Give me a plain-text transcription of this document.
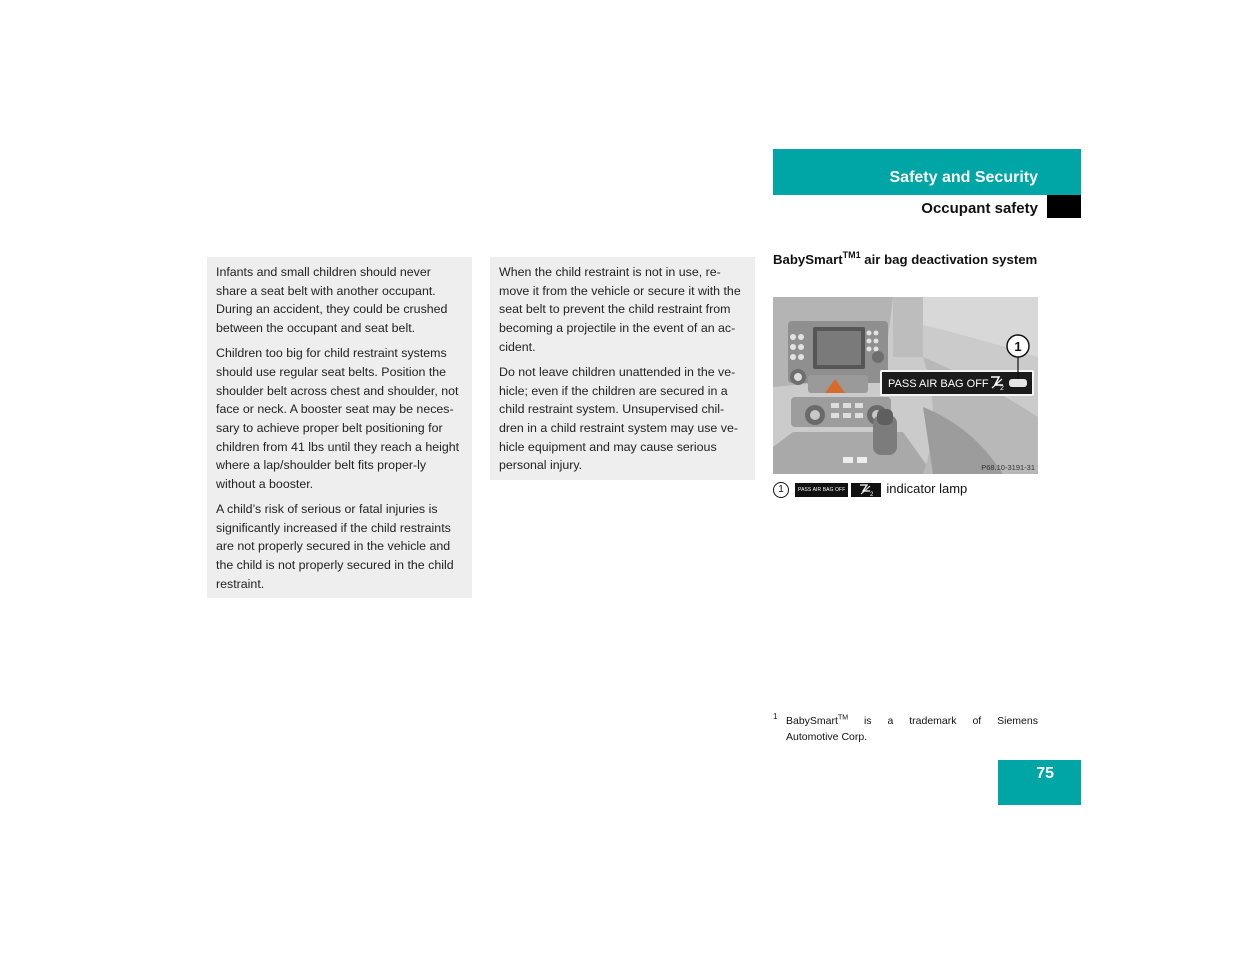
Safety and Security
Occupant safety

Infants and small children should never share a seat belt with another occupant. During an accident, they could be crushed between the occupant and seat belt.

Children too big for child restraint systems should use regular seat belts. Position the shoulder belt across chest and shoulder, not face or neck. A booster seat may be neces-sary to achieve proper belt positioning for children from 41 lbs until they reach a height where a lap/shoulder belt fits proper-ly without a booster.

A child’s risk of serious or fatal injuries is significantly increased if the child restraints are not properly secured in the vehicle and the child is not properly secured in the child restraint.

When the child restraint is not in use, re-move it from the vehicle or secure it with the seat belt to prevent the child restraint from becoming a projectile in the event of an ac-cident.

Do not leave children unattended in the ve-hicle; even if the children are secured in a child restraint system. Unsupervised chil-dren in a child restraint system may use ve-hicle equipment and may cause serious personal injury.

BabySmart$^{TM1}$ air bag deactivation system
PASS AIR BAG OFF 2
1
P68.10-3191-31
1	PASS AIR BAG OFF
2 indicator lamp
1 BabySmart™ is a trademark of Siemens
Automotive Corp.
75
